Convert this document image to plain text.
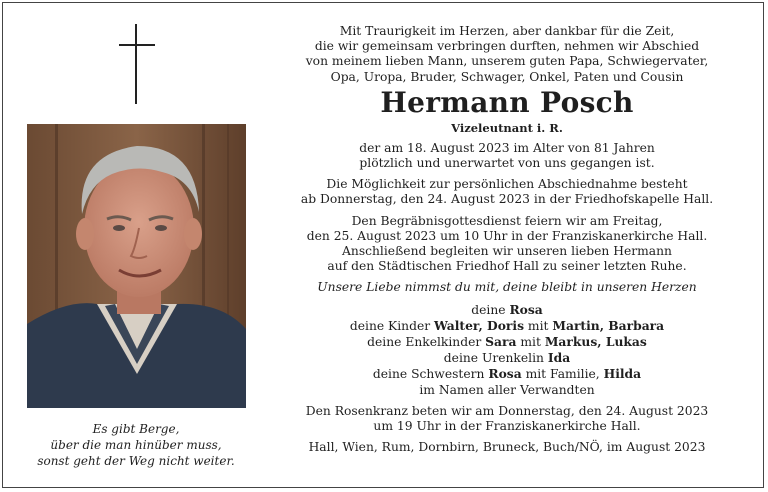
Es gibt Berge,
über die man hinüber muss,
sonst geht der Weg nicht weiter.

Mit Traurigkeit im Herzen, aber dankbar für die Zeit,

die wir gemeinsam verbringen durften, nehmen wir Abschied

von meinem lieben Mann, unserem guten Papa, Schwiegervater,

Opa, Uropa, Bruder, Schwager, Onkel, Paten und Cousin

Hermann Posch

Vizeleutnant i. R.

der am 18. August 2023 im Alter von 81 Jahren

plötzlich und unerwartet von uns gegangen ist.

Die Möglichkeit zur persönlichen Abschiednahme besteht

ab Donnerstag, den 24. August 2023 in der Friedhofskapelle Hall.

Den Begräbnisgottesdienst feiern wir am Freitag,

den 25. August 2023 um 10 Uhr in der Franziskanerkirche Hall.

Anschließend begleiten wir unseren lieben Hermann

auf den Städtischen Friedhof Hall zu seiner letzten Ruhe.

Unsere Liebe nimmst du mit, deine bleibt in unseren Herzen

deine Rosa

deine Kinder Walter, Doris mit Martin, Barbara

deine Enkelkinder Sara mit Markus, Lukas

deine Urenkelin Ida

deine Schwestern Rosa mit Familie, Hilda

im Namen aller Verwandten

Den Rosenkranz beten wir am Donnerstag, den 24. August 2023

um 19 Uhr in der Franziskanerkirche Hall.

Hall, Wien, Rum, Dornbirn, Bruneck, Buch/NÖ, im August 2023
